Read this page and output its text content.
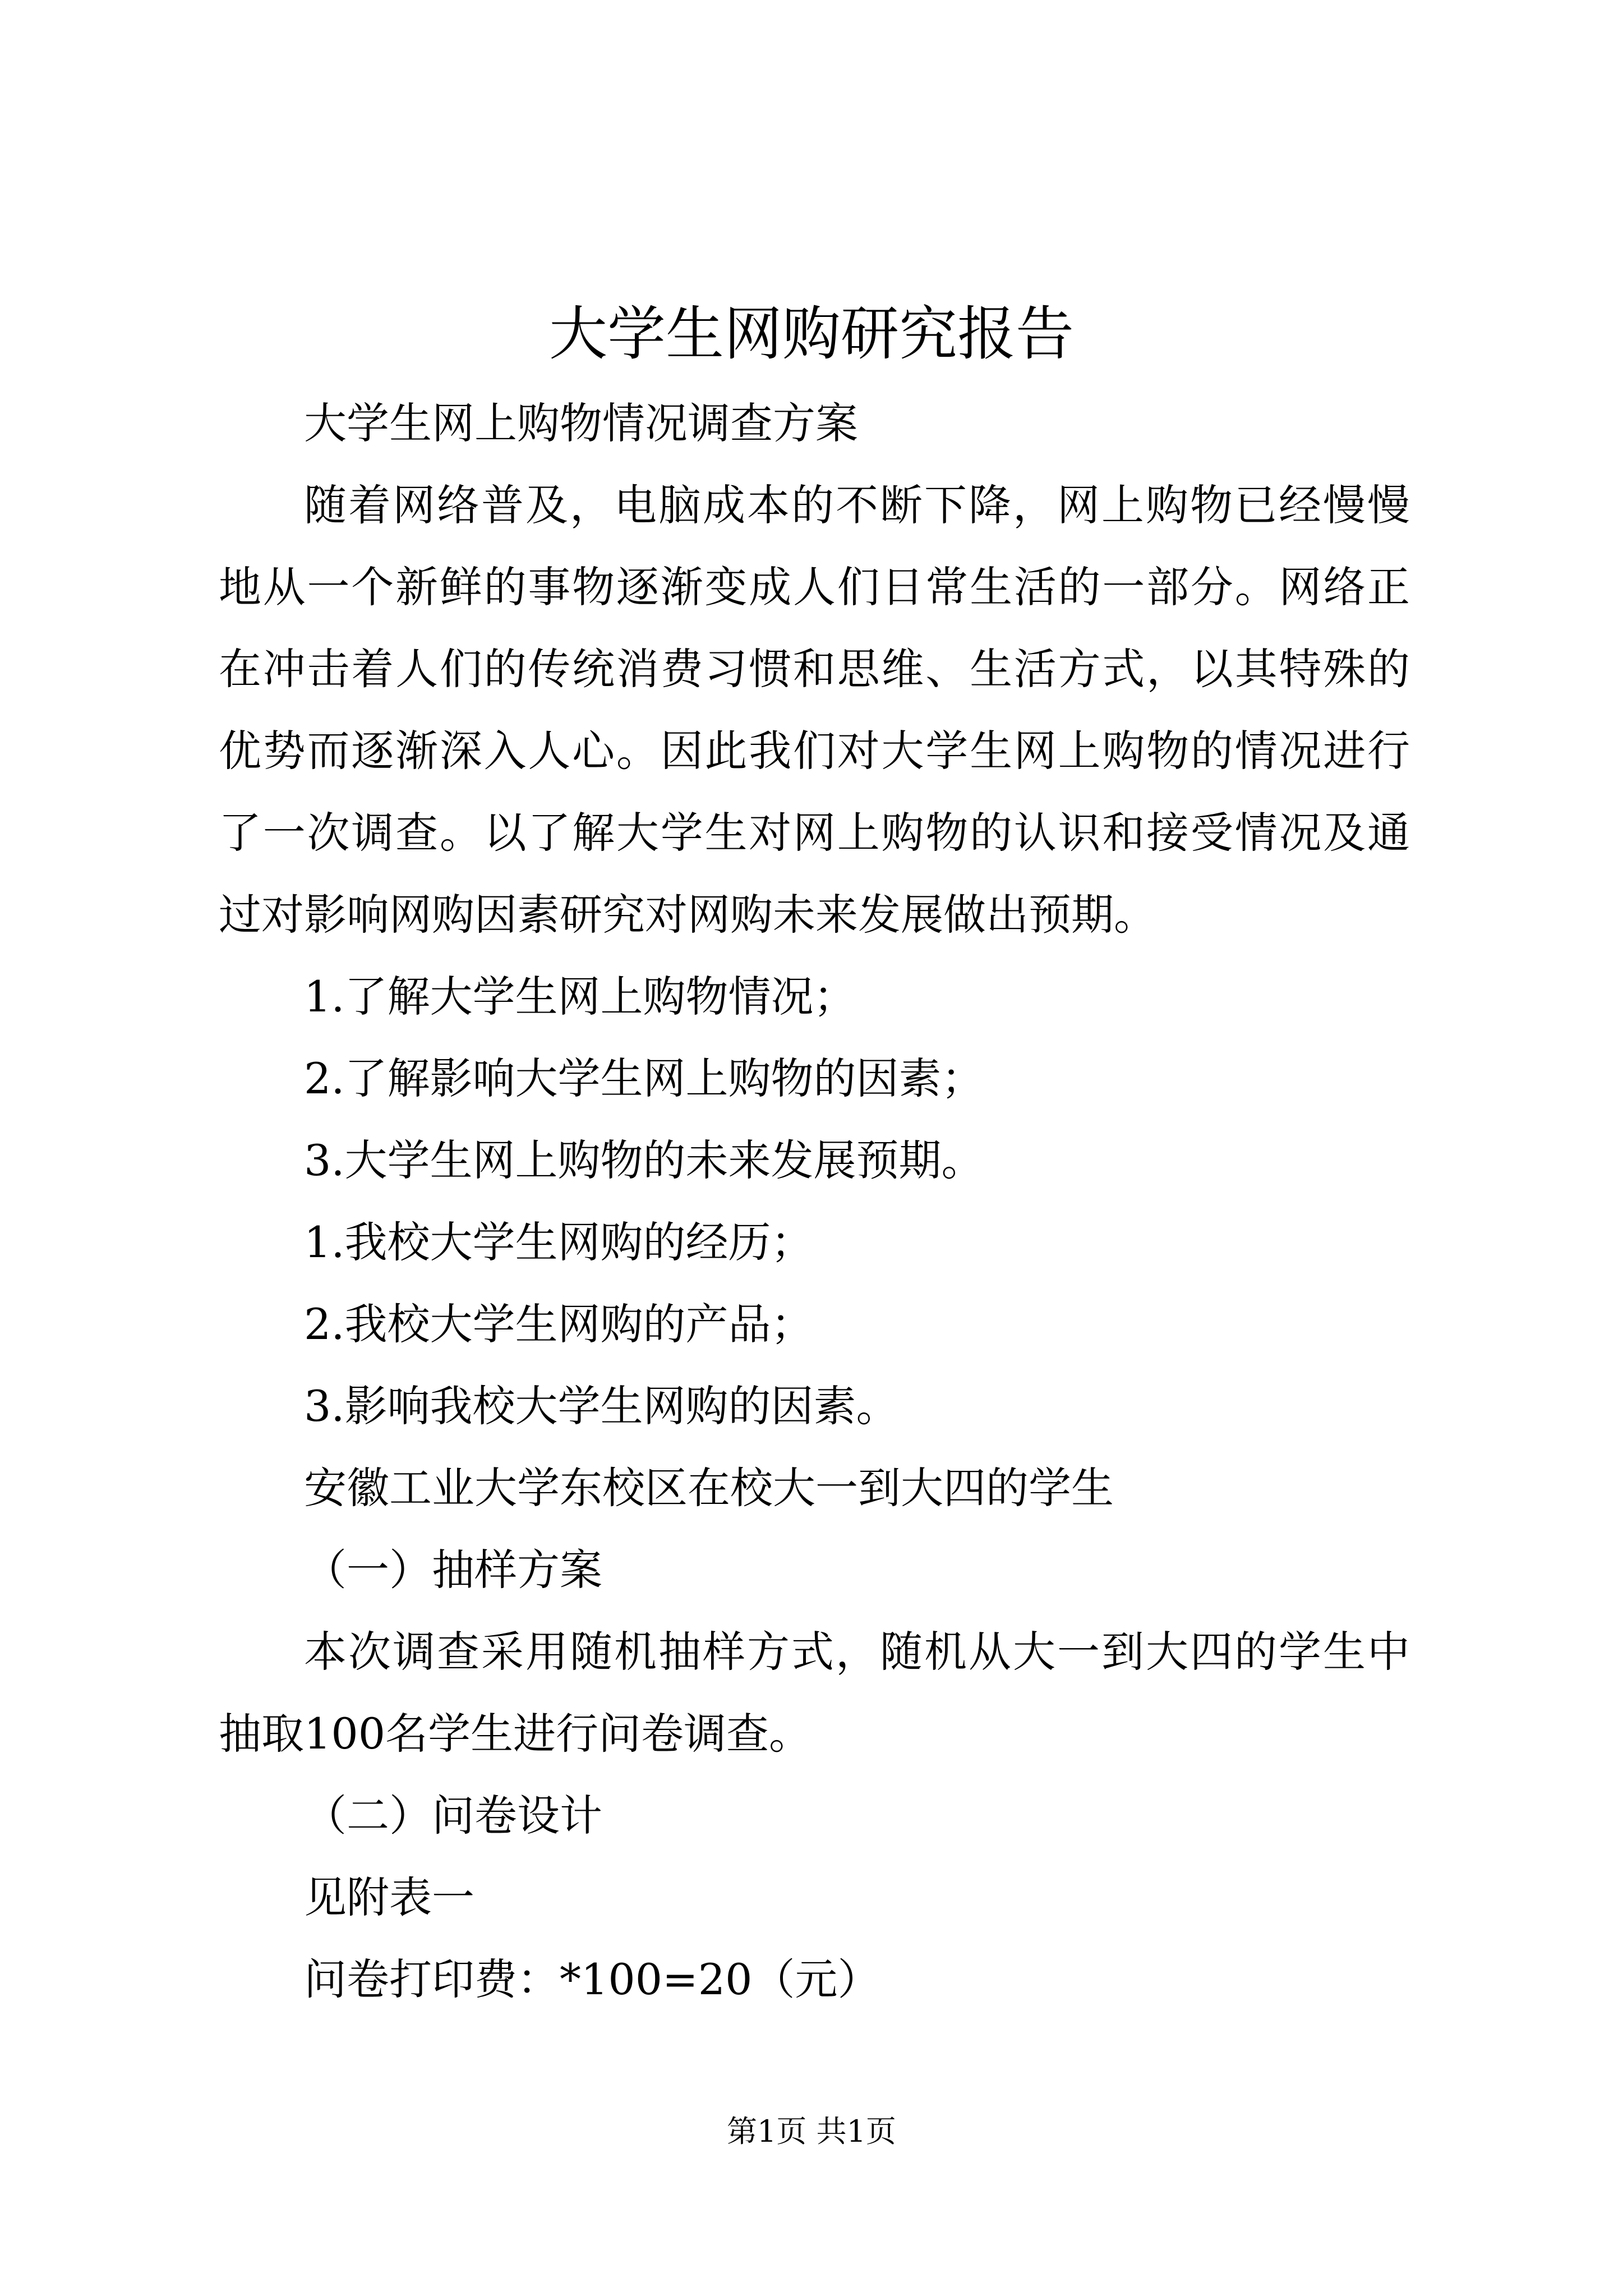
大学生网购研究报告

大学生网上购物情况调查方案

随着网络普及，电脑成本的不断下降，网上购物已经慢慢地从一个新鲜的事物逐渐变成人们日常生活的一部分。网络正在冲击着人们的传统消费习惯和思维、生活方式，以其特殊的优势而逐渐深入人心。因此我们对大学生网上购物的情况进行了一次调查。以了解大学生对网上购物的认识和接受情况及通过对影响网购因素研究对网购未来发展做出预期。

1.了解大学生网上购物情况；

2.了解影响大学生网上购物的因素；

3.大学生网上购物的未来发展预期。

1.我校大学生网购的经历；

2.我校大学生网购的产品；

3.影响我校大学生网购的因素。

安徽工业大学东校区在校大一到大四的学生

（一）抽样方案

本次调查采用随机抽样方式，随机从大一到大四的学生中抽取100名学生进行问卷调查。

（二）问卷设计

见附表一

问卷打印费：*100=20（元）

第1页 共1页
